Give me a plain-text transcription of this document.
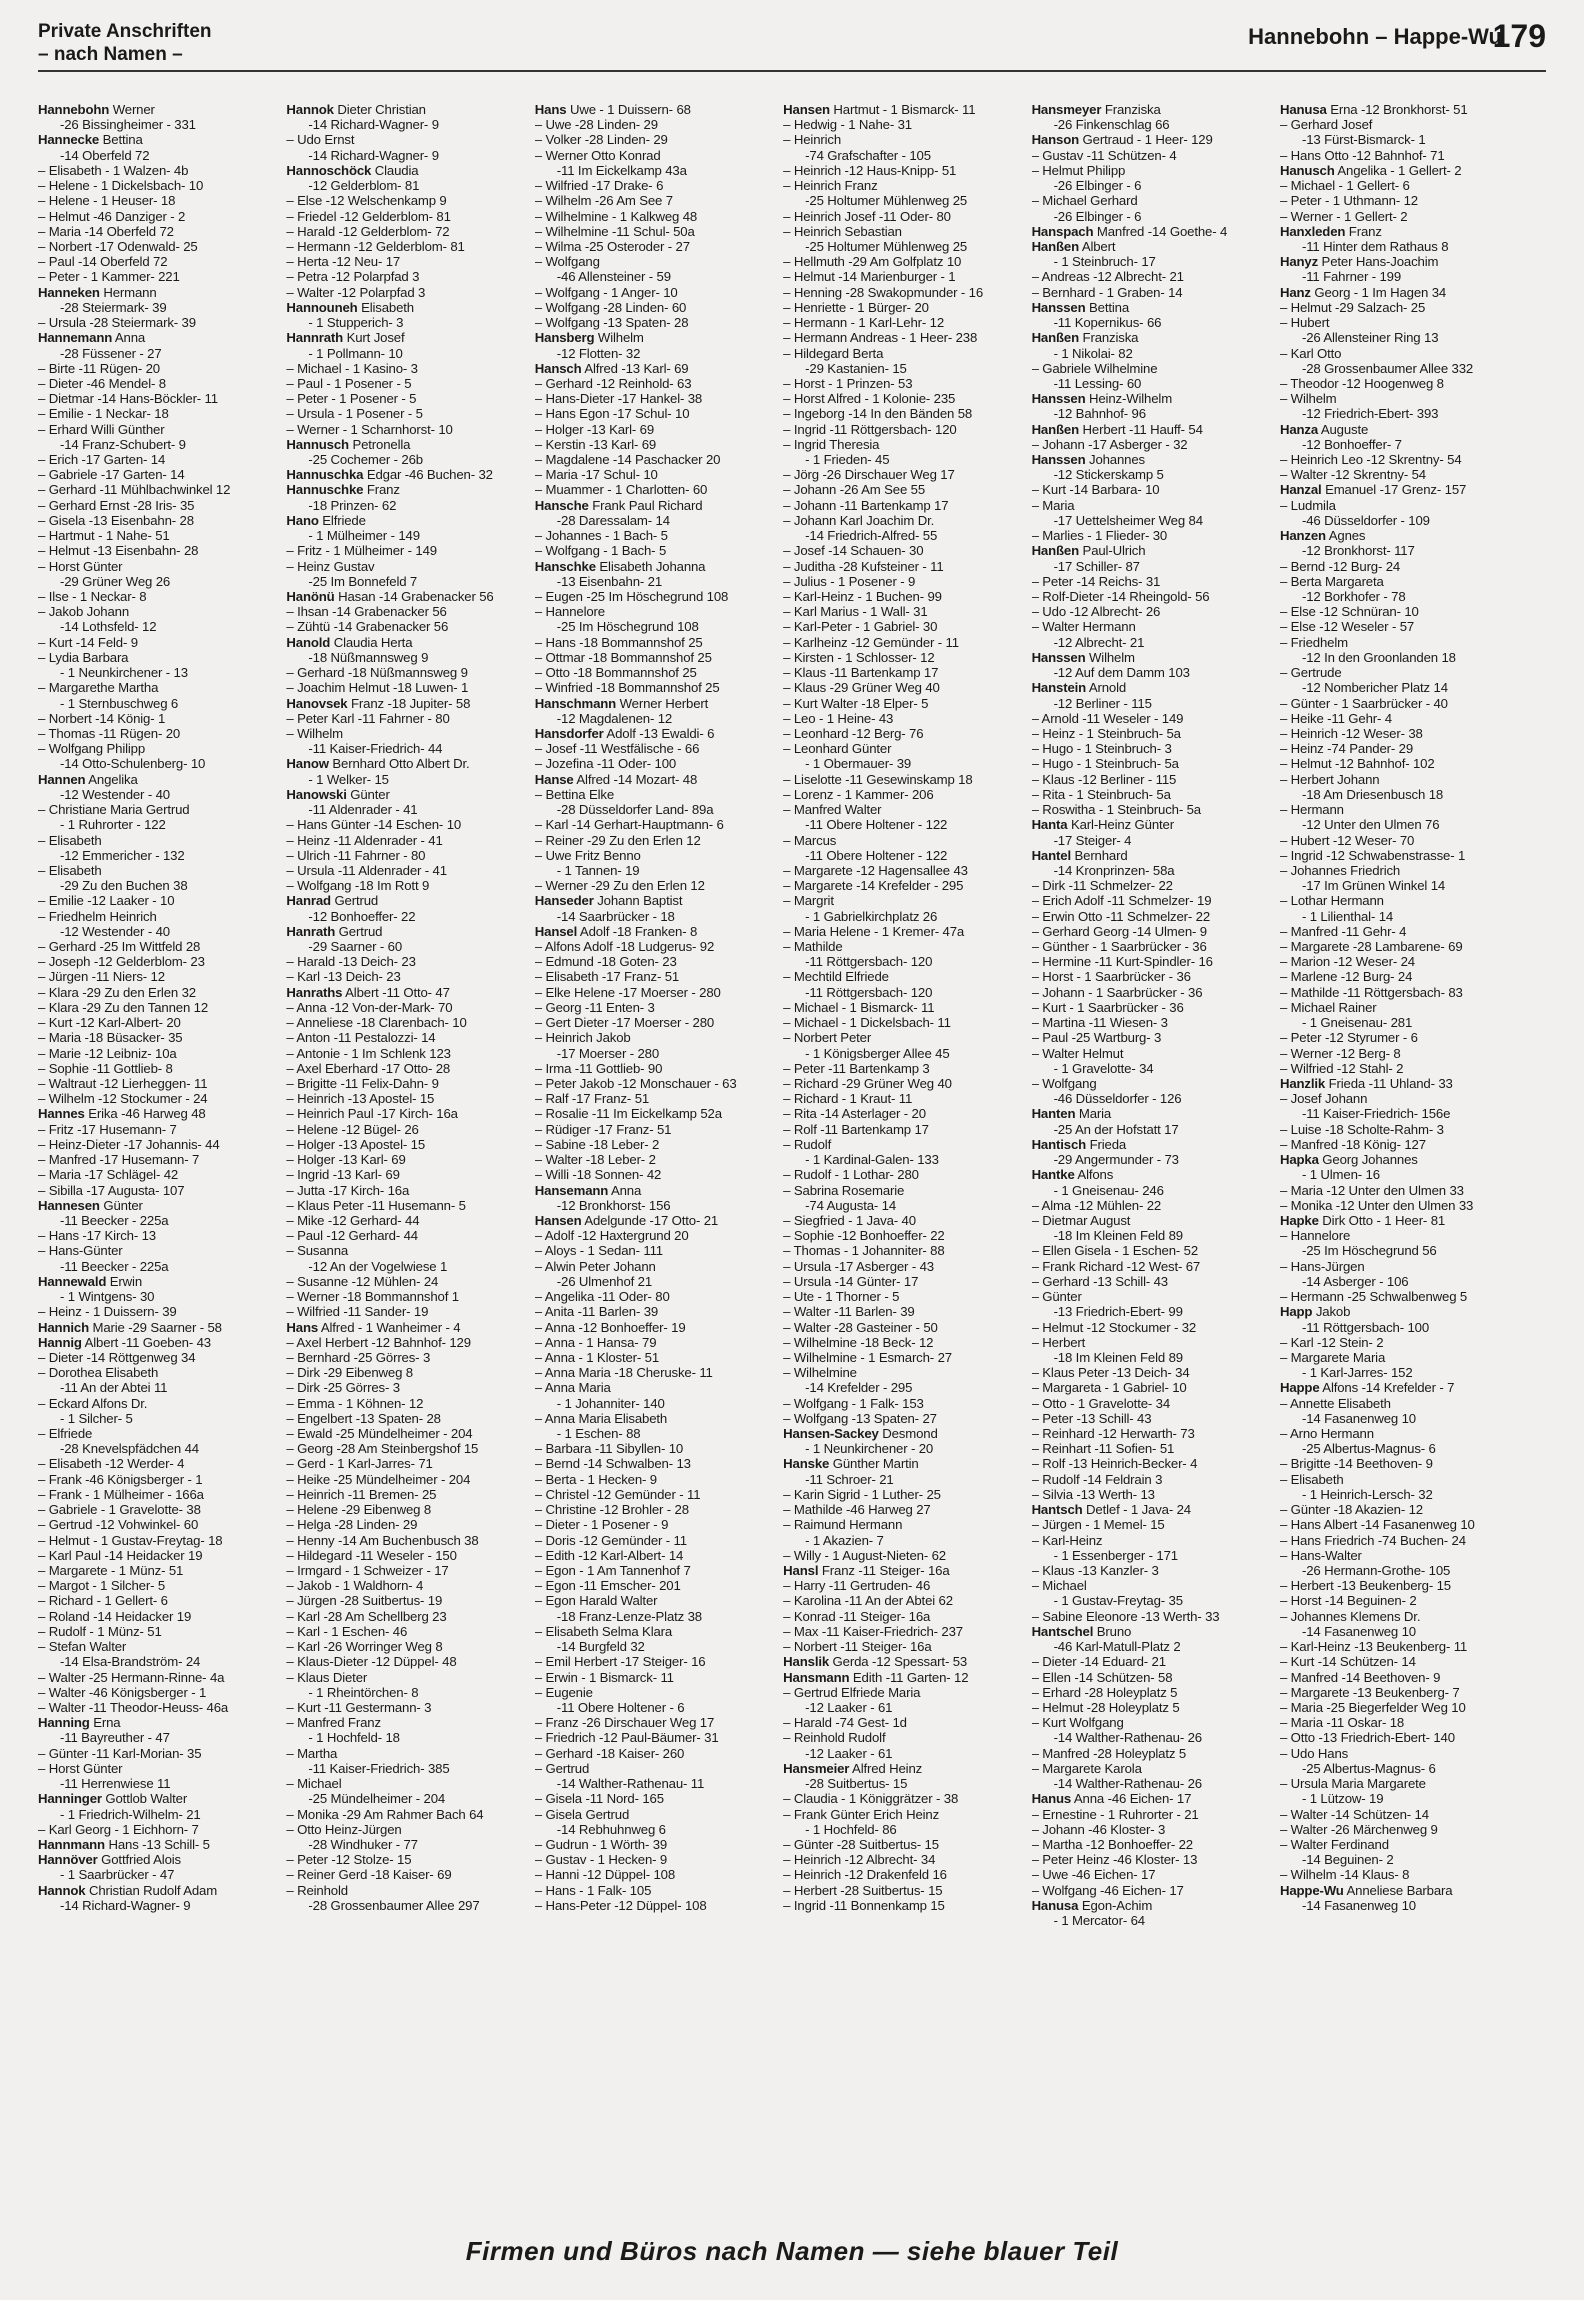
Private Anschriften
– nach Namen –
Hannebohn – Happe-Wu
179
Hannebohn Werner
-26 Bissingheimer - 331
Hannecke Bettina
-14 Oberfeld 72
– Elisabeth - 1 Walzen- 4b
– Helene - 1 Dickelsbach- 10
– Helene - 1 Heuser- 18
– Helmut -46 Danziger - 2
– Maria -14 Oberfeld 72
– Norbert -17 Odenwald- 25
– Paul -14 Oberfeld 72
– Peter - 1 Kammer- 221
Hanneken Hermann
-28 Steiermark- 39
– Ursula -28 Steiermark- 39
Hannemann Anna
-28 Füssener - 27
– Birte -11 Rügen- 20
– Dieter -46 Mendel- 8
– Dietmar -14 Hans-Böckler- 11
– Emilie - 1 Neckar- 18
– Erhard Willi Günther
-14 Franz-Schubert- 9
– Erich -17 Garten- 14
– Gabriele -17 Garten- 14
– Gerhard -11 Mühlbachwinkel 12
– Gerhard Ernst -28 Iris- 35
– Gisela -13 Eisenbahn- 28
– Hartmut - 1 Nahe- 51
– Helmut -13 Eisenbahn- 28
– Horst Günter
-29 Grüner Weg 26
– Ilse - 1 Neckar- 8
– Jakob Johann
-14 Lothsfeld- 12
– Kurt -14 Feld- 9
– Lydia Barbara
- 1 Neunkirchener - 13
– Margarethe Martha
- 1 Sternbuschweg 6
– Norbert -14 König- 1
– Thomas -11 Rügen- 20
– Wolfgang Philipp
-14 Otto-Schulenberg- 10
Hannen Angelika
-12 Westender - 40
– Christiane Maria Gertrud
- 1 Ruhrorter - 122
– Elisabeth
-12 Emmericher - 132
– Elisabeth
-29 Zu den Buchen 38
– Emilie -12 Laaker - 10
– Friedhelm Heinrich
-12 Westender - 40
– Gerhard -25 Im Wittfeld 28
– Joseph -12 Gelderblom- 23
– Jürgen -11 Niers- 12
– Klara -29 Zu den Erlen 32
– Klara -29 Zu den Tannen 12
– Kurt -12 Karl-Albert- 20
– Maria -18 Büsacker- 35
– Marie -12 Leibniz- 10a
– Sophie -11 Gottlieb- 8
– Waltraut -12 Lierheggen- 11
– Wilhelm -12 Stockumer - 24
Hannes Erika -46 Harweg 48
– Fritz -17 Husemann- 7
– Heinz-Dieter -17 Johannis- 44
– Manfred -17 Husemann- 7
– Maria -17 Schlägel- 42
– Sibilla -17 Augusta- 107
Hannesen Günter
-11 Beecker - 225a
– Hans -17 Kirch- 13
– Hans-Günter
-11 Beecker - 225a
Hannewald Erwin
- 1 Wintgens- 30
– Heinz - 1 Duissern- 39
Hannich Marie -29 Saarner - 58
Hannig Albert -11 Goeben- 43
– Dieter -14 Röttgenweg 34
– Dorothea Elisabeth
-11 An der Abtei 11
– Eckard Alfons Dr.
- 1 Silcher- 5
– Elfriede
-28 Knevelspfädchen 44
– Elisabeth -12 Werder- 4
– Frank -46 Königsberger - 1
– Frank - 1 Mülheimer - 166a
– Gabriele - 1 Gravelotte- 38
– Gertrud -12 Vohwinkel- 60
– Helmut - 1 Gustav-Freytag- 18
– Karl Paul -14 Heidacker 19
– Margarete - 1 Münz- 51
– Margot - 1 Silcher- 5
– Richard - 1 Gellert- 6
– Roland -14 Heidacker 19
– Rudolf - 1 Münz- 51
– Stefan Walter
-14 Elsa-Brandström- 24
– Walter -25 Hermann-Rinne- 4a
– Walter -46 Königsberger - 1
– Walter -11 Theodor-Heuss- 46a
Hanning Erna
-11 Bayreuther - 47
– Günter -11 Karl-Morian- 35
– Horst Günter
-11 Herrenwiese 11
Hanninger Gottlob Walter
- 1 Friedrich-Wilhelm- 21
– Karl Georg - 1 Eichhorn- 7
Hannmann Hans -13 Schill- 5
Hannöver Gottfried Alois
- 1 Saarbrücker - 47
Hannok Christian Rudolf Adam
-14 Richard-Wagner- 9
Hannok Dieter Christian
-14 Richard-Wagner- 9
– Udo Ernst
-14 Richard-Wagner- 9
Hannoschöck Claudia
-12 Gelderblom- 81
– Else -12 Welschenkamp 9
– Friedel -12 Gelderblom- 81
– Harald -12 Gelderblom- 72
– Hermann -12 Gelderblom- 81
– Herta -12 Neu- 17
– Petra -12 Polarpfad 3
– Walter -12 Polarpfad 3
Hannouneh Elisabeth
- 1 Stupperich- 3
Hannrath Kurt Josef
- 1 Pollmann- 10
– Michael - 1 Kasino- 3
– Paul - 1 Posener - 5
– Peter - 1 Posener - 5
– Ursula - 1 Posener - 5
– Werner - 1 Scharnhorst- 10
Hannusch Petronella
-25 Cochemer - 26b
Hannuschka Edgar -46 Buchen- 32
Hannuschke Franz
-18 Prinzen- 62
Hano Elfriede
- 1 Mülheimer - 149
– Fritz - 1 Mülheimer - 149
– Heinz Gustav
-25 Im Bonnefeld 7
Hanönü Hasan -14 Grabenacker 56
– Ihsan -14 Grabenacker 56
– Zühtü -14 Grabenacker 56
Hanold Claudia Herta
-18 Nüßmannsweg 9
– Gerhard -18 Nüßmannsweg 9
– Joachim Helmut -18 Luwen- 1
Hanovsek Franz -18 Jupiter- 58
– Peter Karl -11 Fahrner - 80
– Wilhelm
-11 Kaiser-Friedrich- 44
Hanow Bernhard Otto Albert Dr.
- 1 Welker- 15
Hanowski Günter
-11 Aldenrader - 41
– Hans Günter -14 Eschen- 10
– Heinz -11 Aldenrader - 41
– Ulrich -11 Fahrner - 80
– Ursula -11 Aldenrader - 41
– Wolfgang -18 Im Rott 9
Hanrad Gertrud
-12 Bonhoeffer- 22
Hanrath Gertrud
-29 Saarner - 60
– Harald -13 Deich- 23
– Karl -13 Deich- 23
Hanraths Albert -11 Otto- 47
– Anna -12 Von-der-Mark- 70
– Anneliese -18 Clarenbach- 10
– Anton -11 Pestalozzi- 14
– Antonie - 1 Im Schlenk 123
– Axel Eberhard -17 Otto- 28
– Brigitte -11 Felix-Dahn- 9
– Heinrich -13 Apostel- 15
– Heinrich Paul -17 Kirch- 16a
– Helene -12 Bügel- 26
– Holger -13 Apostel- 15
– Holger -13 Karl- 69
– Ingrid -13 Karl- 69
– Jutta -17 Kirch- 16a
– Klaus Peter -11 Husemann- 5
– Mike -12 Gerhard- 44
– Paul -12 Gerhard- 44
– Susanna
-12 An der Vogelwiese 1
– Susanne -12 Mühlen- 24
– Werner -18 Bommannshof 1
– Wilfried -11 Sander- 19
Hans Alfred - 1 Wanheimer - 4
– Axel Herbert -12 Bahnhof- 129
– Bernhard -25 Görres- 3
– Dirk -29 Eibenweg 8
– Dirk -25 Görres- 3
– Emma - 1 Köhnen- 12
– Engelbert -13 Spaten- 28
– Ewald -25 Mündelheimer - 204
– Georg -28 Am Steinbergshof 15
– Gerd - 1 Karl-Jarres- 71
– Heike -25 Mündelheimer - 204
– Heinrich -11 Bremen- 25
– Helene -29 Eibenweg 8
– Helga -28 Linden- 29
– Henny -14 Am Buchenbusch 38
– Hildegard -11 Weseler - 150
– Irmgard - 1 Schweizer - 17
– Jakob - 1 Waldhorn- 4
– Jürgen -28 Suitbertus- 19
– Karl -28 Am Schellberg 23
– Karl - 1 Eschen- 46
– Karl -26 Worringer Weg 8
– Klaus-Dieter -12 Düppel- 48
– Klaus Dieter
- 1 Rheintörchen- 8
– Kurt -11 Gestermann- 3
– Manfred Franz
- 1 Hochfeld- 18
– Martha
-11 Kaiser-Friedrich- 385
– Michael
-25 Mündelheimer - 204
– Monika -29 Am Rahmer Bach 64
– Otto Heinz-Jürgen
-28 Windhuker - 77
– Peter -12 Stolze- 15
– Reiner Gerd -18 Kaiser- 69
– Reinhold
-28 Grossenbaumer Allee 297
Hans Uwe - 1 Duissern- 68
– Uwe -28 Linden- 29
– Volker -28 Linden- 29
– Werner Otto Konrad
-11 Im Eickelkamp 43a
– Wilfried -17 Drake- 6
– Wilhelm -26 Am See 7
– Wilhelmine - 1 Kalkweg 48
– Wilhelmine -11 Schul- 50a
– Wilma -25 Osteroder - 27
– Wolfgang
-46 Allensteiner - 59
– Wolfgang - 1 Anger- 10
– Wolfgang -28 Linden- 60
– Wolfgang -13 Spaten- 28
Hansberg Wilhelm
-12 Flotten- 32
Hansch Alfred -13 Karl- 69
– Gerhard -12 Reinhold- 63
– Hans-Dieter -17 Hankel- 38
– Hans Egon -17 Schul- 10
– Holger -13 Karl- 69
– Kerstin -13 Karl- 69
– Magdalene -14 Paschacker 20
– Maria -17 Schul- 10
– Muammer - 1 Charlotten- 60
Hansche Frank Paul Richard
-28 Daressalam- 14
– Johannes - 1 Bach- 5
– Wolfgang - 1 Bach- 5
Hanschke Elisabeth Johanna
-13 Eisenbahn- 21
– Eugen -25 Im Höschegrund 108
– Hannelore
-25 Im Höschegrund 108
– Hans -18 Bommannshof 25
– Ottmar -18 Bommannshof 25
– Otto -18 Bommannshof 25
– Winfried -18 Bommannshof 25
Hanschmann Werner Herbert
-12 Magdalenen- 12
Hansdorfer Adolf -13 Ewaldi- 6
– Josef -11 Westfälische - 66
– Jozefina -11 Oder- 100
Hanse Alfred -14 Mozart- 48
– Bettina Elke
-28 Düsseldorfer Land- 89a
– Karl -14 Gerhart-Hauptmann- 6
– Reiner -29 Zu den Erlen 12
– Uwe Fritz Benno
- 1 Tannen- 19
– Werner -29 Zu den Erlen 12
Hanseder Johann Baptist
-14 Saarbrücker - 18
Hansel Adolf -18 Franken- 8
– Alfons Adolf -18 Ludgerus- 92
– Edmund -18 Goten- 23
– Elisabeth -17 Franz- 51
– Elke Helene -17 Moerser - 280
– Georg -11 Enten- 3
– Gert Dieter -17 Moerser - 280
– Heinrich Jakob
-17 Moerser - 280
– Irma -11 Gottlieb- 90
– Peter Jakob -12 Monschauer - 63
– Ralf -17 Franz- 51
– Rosalie -11 Im Eickelkamp 52a
– Rüdiger -17 Franz- 51
– Sabine -18 Leber- 2
– Walter -18 Leber- 2
– Willi -18 Sonnen- 42
Hansemann Anna
-12 Bronkhorst- 156
Hansen Adelgunde -17 Otto- 21
– Adolf -12 Haxtergrund 20
– Aloys - 1 Sedan- 111
– Alwin Peter Johann
-26 Ulmenhof 21
– Angelika -11 Oder- 80
– Anita -11 Barlen- 39
– Anna -12 Bonhoeffer- 19
– Anna - 1 Hansa- 79
– Anna - 1 Kloster- 51
– Anna Maria -18 Cheruske- 11
– Anna Maria
- 1 Johanniter- 140
– Anna Maria Elisabeth
- 1 Eschen- 88
– Barbara -11 Sibyllen- 10
– Bernd -14 Schwalben- 13
– Berta - 1 Hecken- 9
– Christel -12 Gemünder - 11
– Christine -12 Brohler - 28
– Dieter - 1 Posener - 9
– Doris -12 Gemünder - 11
– Edith -12 Karl-Albert- 14
– Egon - 1 Am Tannenhof 7
– Egon -11 Emscher- 201
– Egon Harald Walter
-18 Franz-Lenze-Platz 38
– Elisabeth Selma Klara
-14 Burgfeld 32
– Emil Herbert -17 Steiger- 16
– Erwin - 1 Bismarck- 11
– Eugenie
-11 Obere Holtener - 6
– Franz -26 Dirschauer Weg 17
– Friedrich -12 Paul-Bäumer- 31
– Gerhard -18 Kaiser- 260
– Gertrud
-14 Walther-Rathenau- 11
– Gisela -11 Nord- 165
– Gisela Gertrud
-14 Rebhuhnweg 6
– Gudrun - 1 Wörth- 39
– Gustav - 1 Hecken- 9
– Hanni -12 Düppel- 108
– Hans - 1 Falk- 105
– Hans-Peter -12 Düppel- 108
Hansen Hartmut - 1 Bismarck- 11
– Hedwig - 1 Nahe- 31
– Heinrich
-74 Grafschafter - 105
– Heinrich -12 Haus-Knipp- 51
– Heinrich Franz
-25 Holtumer Mühlenweg 25
– Heinrich Josef -11 Oder- 80
– Heinrich Sebastian
-25 Holtumer Mühlenweg 25
– Hellmuth -29 Am Golfplatz 10
– Helmut -14 Marienburger - 1
– Henning -28 Swakopmunder - 16
– Henriette - 1 Bürger- 20
– Hermann - 1 Karl-Lehr- 12
– Hermann Andreas - 1 Heer- 238
– Hildegard Berta
-29 Kastanien- 15
– Horst - 1 Prinzen- 53
– Horst Alfred - 1 Kolonie- 235
– Ingeborg -14 In den Bänden 58
– Ingrid -11 Röttgersbach- 120
– Ingrid Theresia
- 1 Frieden- 45
– Jörg -26 Dirschauer Weg 17
– Johann -26 Am See 55
– Johann -11 Bartenkamp 17
– Johann Karl Joachim Dr.
-14 Friedrich-Alfred- 55
– Josef -14 Schauen- 30
– Juditha -28 Kufsteiner - 11
– Julius - 1 Posener - 9
– Karl-Heinz - 1 Buchen- 99
– Karl Marius - 1 Wall- 31
– Karl-Peter - 1 Gabriel- 30
– Karlheinz -12 Gemünder - 11
– Kirsten - 1 Schlosser- 12
– Klaus -11 Bartenkamp 17
– Klaus -29 Grüner Weg 40
– Kurt Walter -18 Elper- 5
– Leo - 1 Heine- 43
– Leonhard -12 Berg- 76
– Leonhard Günter
- 1 Obermauer- 39
– Liselotte -11 Gesewinskamp 18
– Lorenz - 1 Kammer- 206
– Manfred Walter
-11 Obere Holtener - 122
– Marcus
-11 Obere Holtener - 122
– Margarete -12 Hagensallee 43
– Margarete -14 Krefelder - 295
– Margrit
- 1 Gabrielkirchplatz 26
– Maria Helene - 1 Kremer- 47a
– Mathilde
-11 Röttgersbach- 120
– Mechtild Elfriede
-11 Röttgersbach- 120
– Michael - 1 Bismarck- 11
– Michael - 1 Dickelsbach- 11
– Norbert Peter
- 1 Königsberger Allee 45
– Peter -11 Bartenkamp 3
– Richard -29 Grüner Weg 40
– Richard - 1 Kraut- 11
– Rita -14 Asterlager - 20
– Rolf -11 Bartenkamp 17
– Rudolf
- 1 Kardinal-Galen- 133
– Rudolf - 1 Lothar- 280
– Sabrina Rosemarie
-74 Augusta- 14
– Siegfried - 1 Java- 40
– Sophie -12 Bonhoeffer- 22
– Thomas - 1 Johanniter- 88
– Ursula -17 Asberger - 43
– Ursula -14 Günter- 17
– Ute - 1 Thorner - 5
– Walter -11 Barlen- 39
– Walter -28 Gasteiner - 50
– Wilhelmine -18 Beck- 12
– Wilhelmine - 1 Esmarch- 27
– Wilhelmine
-14 Krefelder - 295
– Wolfgang - 1 Falk- 153
– Wolfgang -13 Spaten- 27
Hansen-Sackey Desmond
- 1 Neunkirchener - 20
Hanske Günther Martin
-11 Schroer- 21
– Karin Sigrid - 1 Luther- 25
– Mathilde -46 Harweg 27
– Raimund Hermann
- 1 Akazien- 7
– Willy - 1 August-Nieten- 62
Hansl Franz -11 Steiger- 16a
– Harry -11 Gertruden- 46
– Karolina -11 An der Abtei 62
– Konrad -11 Steiger- 16a
– Max -11 Kaiser-Friedrich- 237
– Norbert -11 Steiger- 16a
Hanslik Gerda -12 Spessart- 53
Hansmann Edith -11 Garten- 12
– Gertrud Elfriede Maria
-12 Laaker - 61
– Harald -74 Gest- 1d
– Reinhold Rudolf
-12 Laaker - 61
Hansmeier Alfred Heinz
-28 Suitbertus- 15
– Claudia - 1 Königgrätzer - 38
– Frank Günter Erich Heinz
- 1 Hochfeld- 86
– Günter -28 Suitbertus- 15
– Heinrich -12 Albrecht- 34
– Heinrich -12 Drakenfeld 16
– Herbert -28 Suitbertus- 15
– Ingrid -11 Bonnenkamp 15
Hansmeyer Franziska
-26 Finkenschlag 66
Hanson Gertraud - 1 Heer- 129
– Gustav -11 Schützen- 4
– Helmut Philipp
-26 Elbinger - 6
– Michael Gerhard
-26 Elbinger - 6
Hanspach Manfred -14 Goethe- 4
Hanßen Albert
- 1 Steinbruch- 17
– Andreas -12 Albrecht- 21
– Bernhard - 1 Graben- 14
Hanssen Bettina
-11 Kopernikus- 66
Hanßen Franziska
- 1 Nikolai- 82
– Gabriele Wilhelmine
-11 Lessing- 60
Hanssen Heinz-Wilhelm
-12 Bahnhof- 96
Hanßen Herbert -11 Hauff- 54
– Johann -17 Asberger - 32
Hanssen Johannes
-12 Stickerskamp 5
– Kurt -14 Barbara- 10
– Maria
-17 Uettelsheimer Weg 84
– Marlies - 1 Flieder- 30
Hanßen Paul-Ulrich
-17 Schiller- 87
– Peter -14 Reichs- 31
– Rolf-Dieter -14 Rheingold- 56
– Udo -12 Albrecht- 26
– Walter Hermann
-12 Albrecht- 21
Hanssen Wilhelm
-12 Auf dem Damm 103
Hanstein Arnold
-12 Berliner - 115
– Arnold -11 Weseler - 149
– Heinz - 1 Steinbruch- 5a
– Hugo - 1 Steinbruch- 3
– Hugo - 1 Steinbruch- 5a
– Klaus -12 Berliner - 115
– Rita - 1 Steinbruch- 5a
– Roswitha - 1 Steinbruch- 5a
Hanta Karl-Heinz Günter
-17 Steiger- 4
Hantel Bernhard
-14 Kronprinzen- 58a
– Dirk -11 Schmelzer- 22
– Erich Adolf -11 Schmelzer- 19
– Erwin Otto -11 Schmelzer- 22
– Gerhard Georg -14 Ulmen- 9
– Günther - 1 Saarbrücker - 36
– Hermine -11 Kurt-Spindler- 16
– Horst - 1 Saarbrücker - 36
– Johann - 1 Saarbrücker - 36
– Kurt - 1 Saarbrücker - 36
– Martina -11 Wiesen- 3
– Paul -25 Wartburg- 3
– Walter Helmut
- 1 Gravelotte- 34
– Wolfgang
-46 Düsseldorfer - 126
Hanten Maria
-25 An der Hofstatt 17
Hantisch Frieda
-29 Angermunder - 73
Hantke Alfons
- 1 Gneisenau- 246
– Alma -12 Mühlen- 22
– Dietmar August
-18 Im Kleinen Feld 89
– Ellen Gisela - 1 Eschen- 52
– Frank Richard -12 West- 67
– Gerhard -13 Schill- 43
– Günter
-13 Friedrich-Ebert- 99
– Helmut -12 Stockumer - 32
– Herbert
-18 Im Kleinen Feld 89
– Klaus Peter -13 Deich- 34
– Margareta - 1 Gabriel- 10
– Otto - 1 Gravelotte- 34
– Peter -13 Schill- 43
– Reinhard -12 Herwarth- 73
– Reinhart -11 Sofien- 51
– Rolf -13 Heinrich-Becker- 4
– Rudolf -14 Feldrain 3
– Silvia -13 Werth- 13
Hantsch Detlef - 1 Java- 24
– Jürgen - 1 Memel- 15
– Karl-Heinz
- 1 Essenberger - 171
– Klaus -13 Kanzler- 3
– Michael
- 1 Gustav-Freytag- 35
– Sabine Eleonore -13 Werth- 33
Hantschel Bruno
-46 Karl-Matull-Platz 2
– Dieter -14 Eduard- 21
– Ellen -14 Schützen- 58
– Erhard -28 Holeyplatz 5
– Helmut -28 Holeyplatz 5
– Kurt Wolfgang
-14 Walther-Rathenau- 26
– Manfred -28 Holeyplatz 5
– Margarete Karola
-14 Walther-Rathenau- 26
Hanus Anna -46 Eichen- 17
– Ernestine - 1 Ruhrorter - 21
– Johann -46 Kloster- 3
– Martha -12 Bonhoeffer- 22
– Peter Heinz -46 Kloster- 13
– Uwe -46 Eichen- 17
– Wolfgang -46 Eichen- 17
Hanusa Egon-Achim
- 1 Mercator- 64
Hanusa Erna -12 Bronkhorst- 51
– Gerhard Josef
-13 Fürst-Bismarck- 1
– Hans Otto -12 Bahnhof- 71
Hanusch Angelika - 1 Gellert- 2
– Michael - 1 Gellert- 6
– Peter - 1 Uthmann- 12
– Werner - 1 Gellert- 2
Hanxleden Franz
-11 Hinter dem Rathaus 8
Hanyz Peter Hans-Joachim
-11 Fahrner - 199
Hanz Georg - 1 Im Hagen 34
– Helmut -29 Salzach- 25
– Hubert
-26 Allensteiner Ring 13
– Karl Otto
-28 Grossenbaumer Allee 332
– Theodor -12 Hoogenweg 8
– Wilhelm
-12 Friedrich-Ebert- 393
Hanza Auguste
-12 Bonhoeffer- 7
– Heinrich Leo -12 Skrentny- 54
– Walter -12 Skrentny- 54
Hanzal Emanuel -17 Grenz- 157
– Ludmila
-46 Düsseldorfer - 109
Hanzen Agnes
-12 Bronkhorst- 117
– Bernd -12 Burg- 24
– Berta Margareta
-12 Borkhofer - 78
– Else -12 Schnüran- 10
– Else -12 Weseler - 57
– Friedhelm
-12 In den Groonlanden 18
– Gertrude
-12 Nombericher Platz 14
– Günter - 1 Saarbrücker - 40
– Heike -11 Gehr- 4
– Heinrich -12 Weser- 38
– Heinz -74 Pander- 29
– Helmut -12 Bahnhof- 102
– Herbert Johann
-18 Am Driesenbusch 18
– Hermann
-12 Unter den Ulmen 76
– Hubert -12 Weser- 70
– Ingrid -12 Schwabenstrasse- 1
– Johannes Friedrich
-17 Im Grünen Winkel 14
– Lothar Hermann
- 1 Lilienthal- 14
– Manfred -11 Gehr- 4
– Margarete -28 Lambarene- 69
– Marion -12 Weser- 24
– Marlene -12 Burg- 24
– Mathilde -11 Röttgersbach- 83
– Michael Rainer
- 1 Gneisenau- 281
– Peter -12 Styrumer - 6
– Werner -12 Berg- 8
– Wilfried -12 Stahl- 2
Hanzlik Frieda -11 Uhland- 33
– Josef Johann
-11 Kaiser-Friedrich- 156e
– Luise -18 Scholte-Rahm- 3
– Manfred -18 König- 127
Hapka Georg Johannes
- 1 Ulmen- 16
– Maria -12 Unter den Ulmen 33
– Monika -12 Unter den Ulmen 33
Hapke Dirk Otto - 1 Heer- 81
– Hannelore
-25 Im Höschegrund 56
– Hans-Jürgen
-14 Asberger - 106
– Hermann -25 Schwalbenweg 5
Happ Jakob
-11 Röttgersbach- 100
– Karl -12 Stein- 2
– Margarete Maria
- 1 Karl-Jarres- 152
Happe Alfons -14 Krefelder - 7
– Annette Elisabeth
-14 Fasanenweg 10
– Arno Hermann
-25 Albertus-Magnus- 6
– Brigitte -14 Beethoven- 9
– Elisabeth
- 1 Heinrich-Lersch- 32
– Günter -18 Akazien- 12
– Hans Albert -14 Fasanenweg 10
– Hans Friedrich -74 Buchen- 24
– Hans-Walter
-26 Hermann-Grothe- 105
– Herbert -13 Beukenberg- 15
– Horst -14 Beguinen- 2
– Johannes Klemens Dr.
-14 Fasanenweg 10
– Karl-Heinz -13 Beukenberg- 11
– Kurt -14 Schützen- 14
– Manfred -14 Beethoven- 9
– Margarete -13 Beukenberg- 7
– Maria -25 Biegerfelder Weg 10
– Maria -11 Oskar- 18
– Otto -13 Friedrich-Ebert- 140
– Udo Hans
-25 Albertus-Magnus- 6
– Ursula Maria Margarete
- 1 Lützow- 19
– Walter -14 Schützen- 14
– Walter -26 Märchenweg 9
– Walter Ferdinand
-14 Beguinen- 2
– Wilhelm -14 Klaus- 8
Happe-Wu Anneliese Barbara
-14 Fasanenweg 10
Firmen und Büros nach Namen — siehe blauer Teil
